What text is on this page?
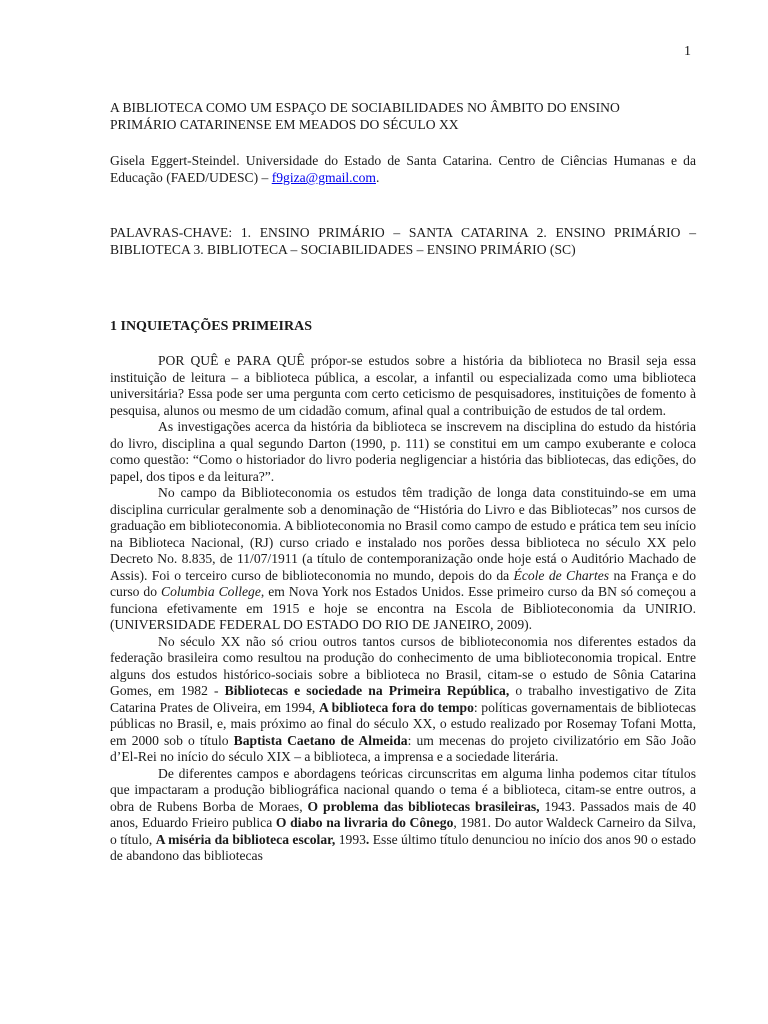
1
A BIBLIOTECA COMO UM ESPAÇO DE SOCIABILIDADES NO ÂMBITO DO ENSINO
PRIMÁRIO CATARINENSE EM MEADOS DO SÉCULO XX
Gisela Eggert-Steindel. Universidade do Estado de Santa Catarina. Centro de Ciências Humanas e da Educação (FAED/UDESC) – f9giza@gmail.com.
PALAVRAS-CHAVE: 1. ENSINO PRIMÁRIO – SANTA CATARINA 2. ENSINO PRIMÁRIO – BIBLIOTECA 3. BIBLIOTECA – SOCIABILIDADES – ENSINO PRIMÁRIO (SC)
1 INQUIETAÇÕES PRIMEIRAS

POR QUÊ e PARA QUÊ própor-se estudos sobre a história da biblioteca no Brasil seja essa instituição de leitura – a biblioteca pública, a escolar, a infantil ou especializada como uma biblioteca universitária? Essa pode ser uma pergunta com certo ceticismo de pesquisadores, instituições de fomento à pesquisa, alunos ou mesmo de um cidadão comum, afinal qual a contribuição de estudos de tal ordem.

As investigações acerca da história da biblioteca se inscrevem na disciplina do estudo da história do livro, disciplina a qual segundo Darton (1990, p. 111) se constitui em um campo exuberante e coloca como questão: “Como o historiador do livro poderia negligenciar a história das bibliotecas, das edições, do papel, dos tipos e da leitura?”.

No campo da Biblioteconomia os estudos têm tradição de longa data constituindo-se em uma disciplina curricular geralmente sob a denominação de “História do Livro e das Bibliotecas” nos cursos de graduação em biblioteconomia. A biblioteconomia no Brasil como campo de estudo e prática tem seu início na Biblioteca Nacional, (RJ) curso criado e instalado nos porões dessa biblioteca no século XX pelo Decreto No. 8.835, de 11/07/1911 (a título de contemporanização onde hoje está o Auditório Machado de Assis). Foi o terceiro curso de biblioteconomia no mundo, depois do da École de Chartes na França e do curso do Columbia College, em Nova York nos Estados Unidos. Esse primeiro curso da BN só começou a funciona efetivamente em 1915 e hoje se encontra na Escola de Biblioteconomia da UNIRIO. (UNIVERSIDADE FEDERAL DO ESTADO DO RIO DE JANEIRO, 2009).

No século XX não só criou outros tantos cursos de biblioteconomia nos diferentes estados da federação brasileira como resultou na produção do conhecimento de uma biblioteconomia tropical. Entre alguns dos estudos histórico-sociais sobre a biblioteca no Brasil, citam-se o estudo de Sônia Catarina Gomes, em 1982 - Bibliotecas e sociedade na Primeira República, o trabalho investigativo de Zita Catarina Prates de Oliveira, em 1994, A biblioteca fora do tempo: políticas governamentais de bibliotecas públicas no Brasil, e, mais próximo ao final do século XX, o estudo realizado por Rosemay Tofani Motta, em 2000 sob o título Baptista Caetano de Almeida: um mecenas do projeto civilizatório em São João d’El-Rei no início do século XIX – a biblioteca, a imprensa e a sociedade literária.

De diferentes campos e abordagens teóricas circunscritas em alguma linha podemos citar títulos que impactaram a produção bibliográfica nacional quando o tema é a biblioteca, citam-se entre outros, a obra de Rubens Borba de Moraes, O problema das bibliotecas brasileiras, 1943. Passados mais de 40 anos, Eduardo Frieiro publica O diabo na livraria do Cônego, 1981. Do autor Waldeck Carneiro da Silva, o título, A miséria da biblioteca escolar, 1993. Esse último título denunciou no início dos anos 90 o estado de abandono das bibliotecas
